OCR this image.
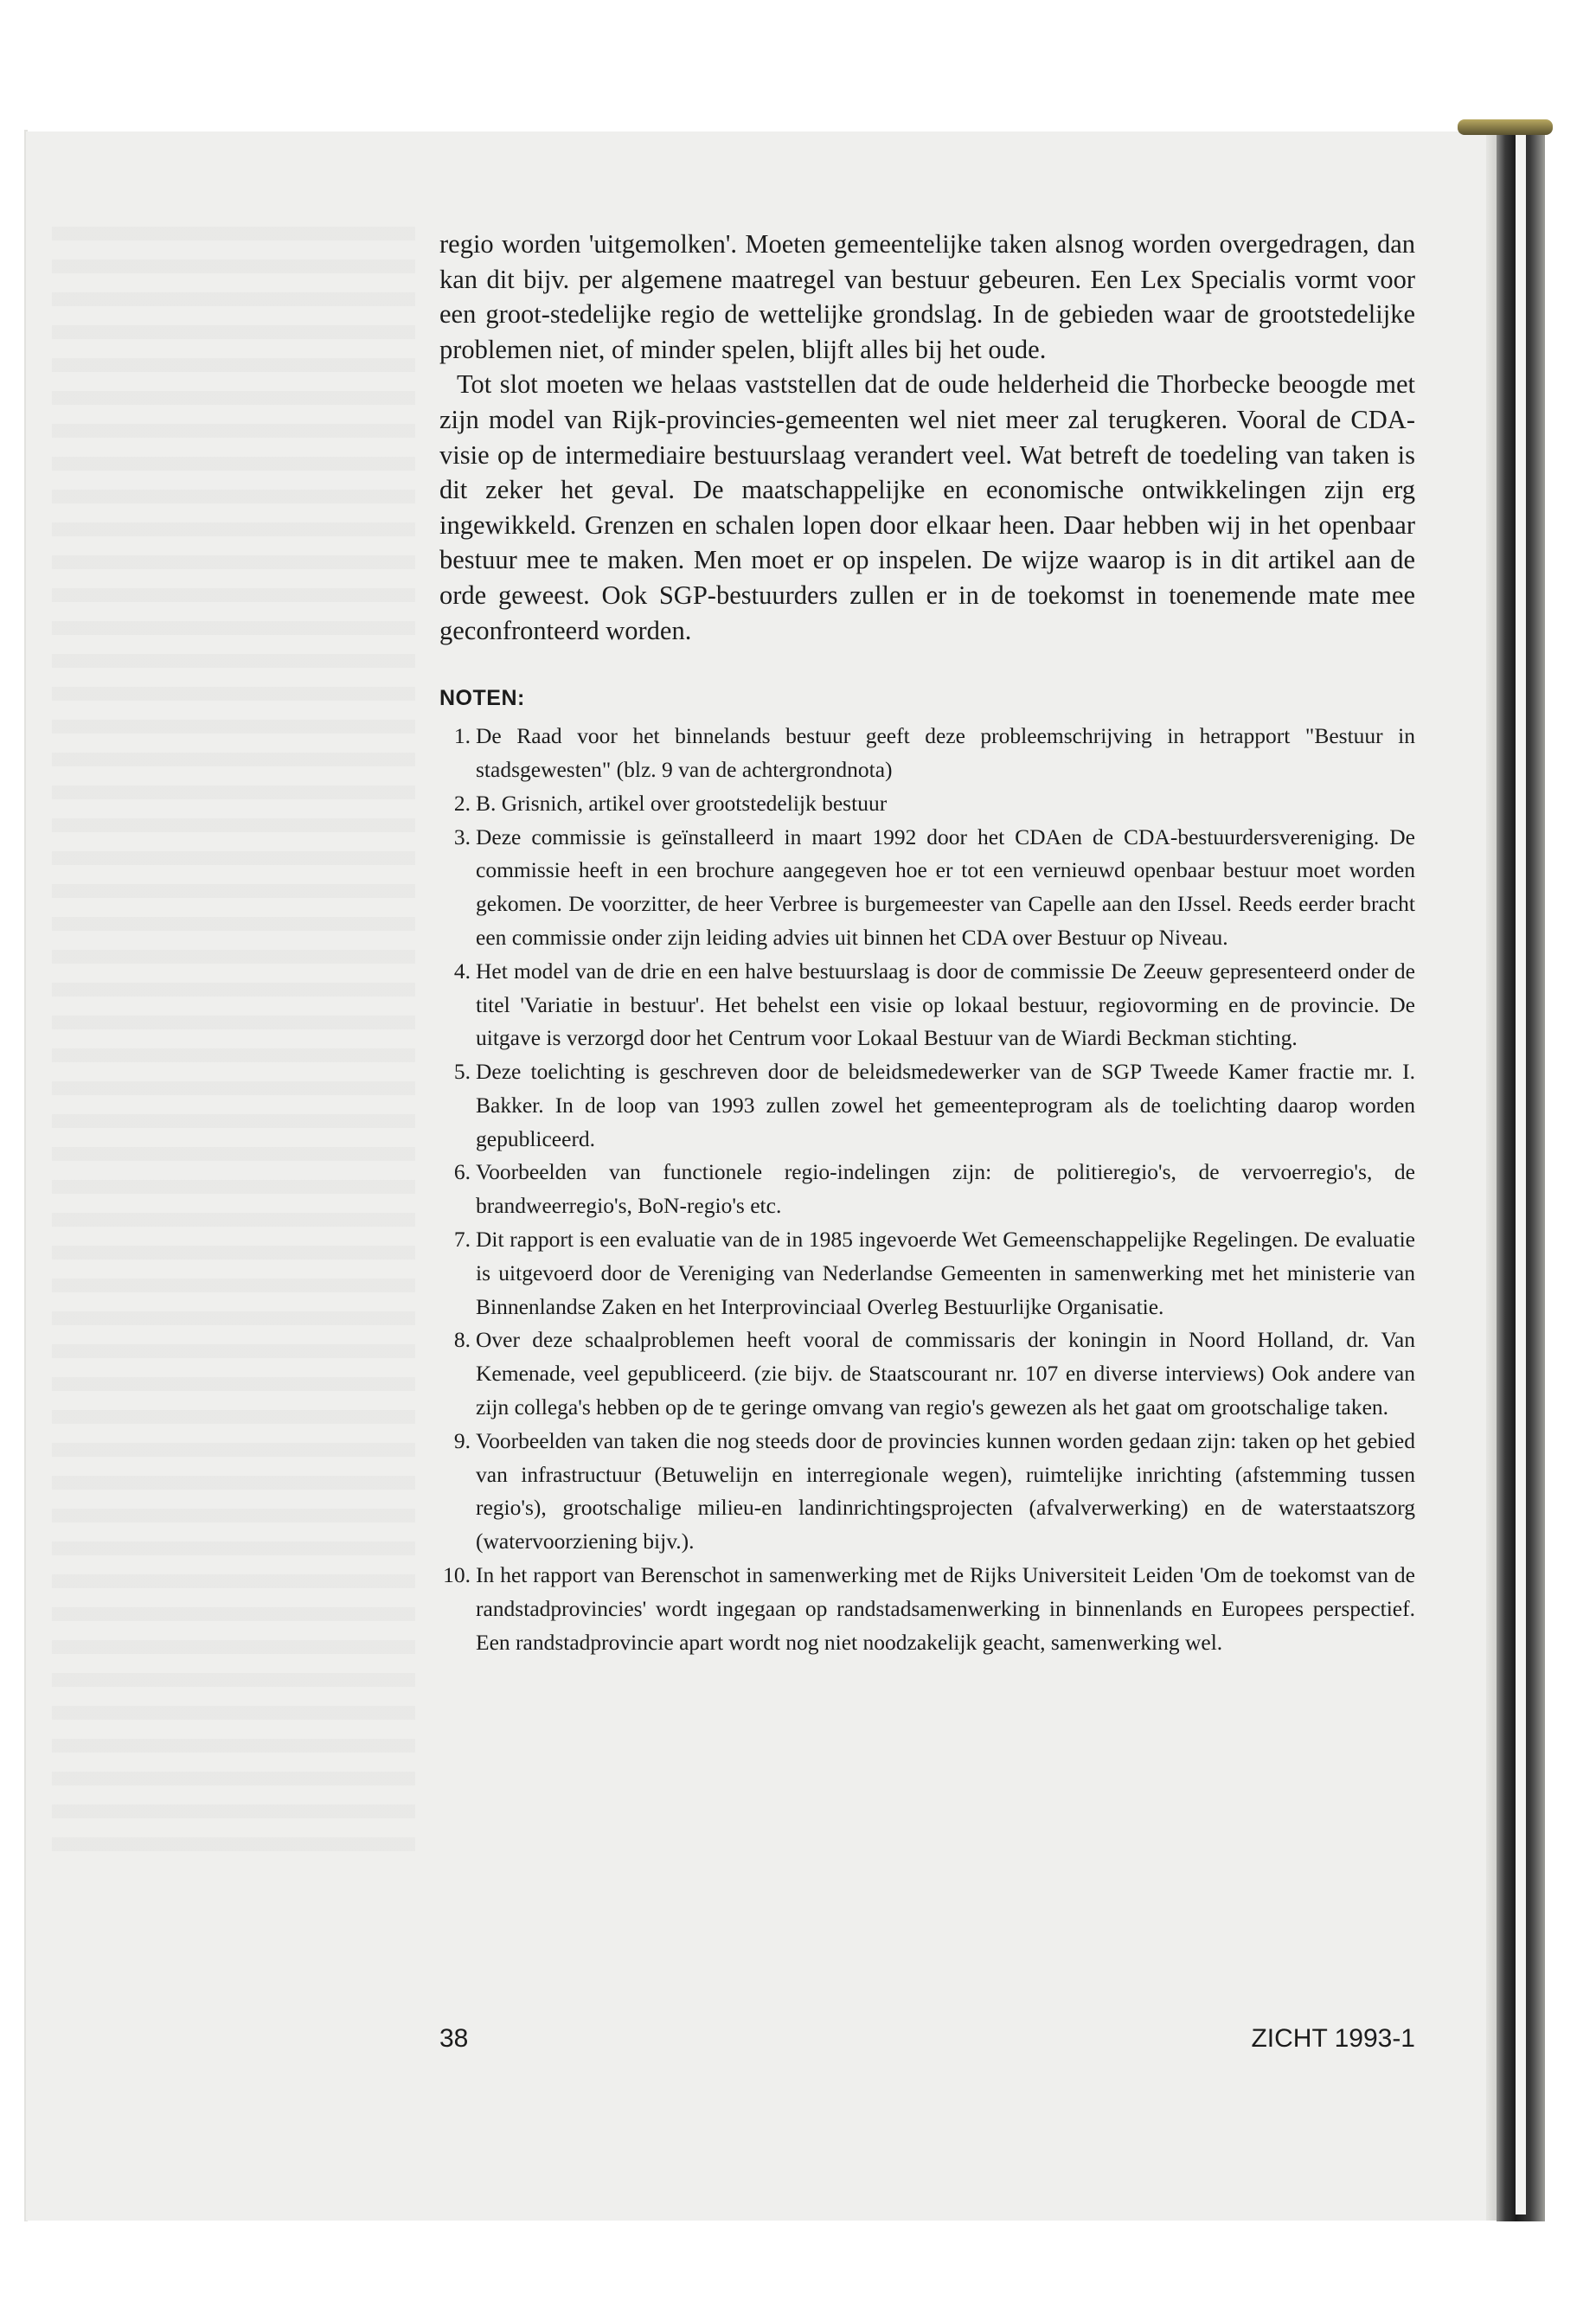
regio worden 'uitgemolken'. Moeten gemeentelijke taken alsnog worden overgedragen, dan kan dit bijv. per algemene maatregel van bestuur gebeuren. Een Lex Specialis vormt voor een groot-stedelijke regio de wettelijke grondslag. In de gebieden waar de grootstedelijke problemen niet, of minder spelen, blijft alles bij het oude.

Tot slot moeten we helaas vaststellen dat de oude helderheid die Thorbecke beoogde met zijn model van Rijk-provincies-gemeenten wel niet meer zal terugkeren. Vooral de CDA-visie op de intermediaire bestuurslaag verandert veel. Wat betreft de toedeling van taken is dit zeker het geval. De maatschappelijke en economische ontwikkelingen zijn erg ingewikkeld. Grenzen en schalen lopen door elkaar heen. Daar hebben wij in het openbaar bestuur mee te maken. Men moet er op inspelen. De wijze waarop is in dit artikel aan de orde geweest. Ook SGP-bestuurders zullen er in de toekomst in toenemende mate mee geconfronteerd worden.

NOTEN:
1. De Raad voor het binnelands bestuur geeft deze probleemschrijving in hetrapport "Bestuur in stadsgewesten" (blz. 9 van de achtergrondnota)
2. B. Grisnich, artikel over grootstedelijk bestuur
3. Deze commissie is geïnstalleerd in maart 1992 door het CDAen de CDA-bestuurdersvereniging. De commissie heeft in een brochure aangegeven hoe er tot een vernieuwd openbaar bestuur moet worden gekomen. De voorzitter, de heer Verbree is burgemeester van Capelle aan den IJssel. Reeds eerder bracht een commissie onder zijn leiding advies uit binnen het CDA over Bestuur op Niveau.
4. Het model van de drie en een halve bestuurslaag is door de commissie De Zeeuw gepresenteerd onder de titel 'Variatie in bestuur'. Het behelst een visie op lokaal bestuur, regiovorming en de provincie. De uitgave is verzorgd door het Centrum voor Lokaal Bestuur van de Wiardi Beckman stichting.
5. Deze toelichting is geschreven door de beleidsmedewerker van de SGP Tweede Kamer fractie mr. I. Bakker. In de loop van 1993 zullen zowel het gemeenteprogram als de toelichting daarop worden gepubliceerd.
6. Voorbeelden van functionele regio-indelingen zijn: de politieregio's, de vervoerregio's, de brandweerregio's, BoN-regio's etc.
7. Dit rapport is een evaluatie van de in 1985 ingevoerde Wet Gemeenschappelijke Regelingen. De evaluatie is uitgevoerd door de Vereniging van Nederlandse Gemeenten in samenwerking met het ministerie van Binnenlandse Zaken en het Interprovinciaal Overleg Bestuurlijke Organisatie.
8. Over deze schaalproblemen heeft vooral de commissaris der koningin in Noord Holland, dr. Van Kemenade, veel gepubliceerd. (zie bijv. de Staatscourant nr. 107 en diverse interviews) Ook andere van zijn collega's hebben op de te geringe omvang van regio's gewezen als het gaat om grootschalige taken.
9. Voorbeelden van taken die nog steeds door de provincies kunnen worden gedaan zijn: taken op het gebied van infrastructuur (Betuwelijn en interregionale wegen), ruimtelijke inrichting (afstemming tussen regio's), grootschalige milieu-en landinrichtingsprojecten (afvalverwerking) en de waterstaatszorg (watervoorziening bijv.).
10. In het rapport van Berenschot in samenwerking met de Rijks Universiteit Leiden 'Om de toekomst van de randstadprovincies' wordt ingegaan op randstadsamenwerking in binnenlands en Europees perspectief. Een randstadprovincie apart wordt nog niet noodzakelijk geacht, samenwerking wel.
38	ZICHT 1993-1
